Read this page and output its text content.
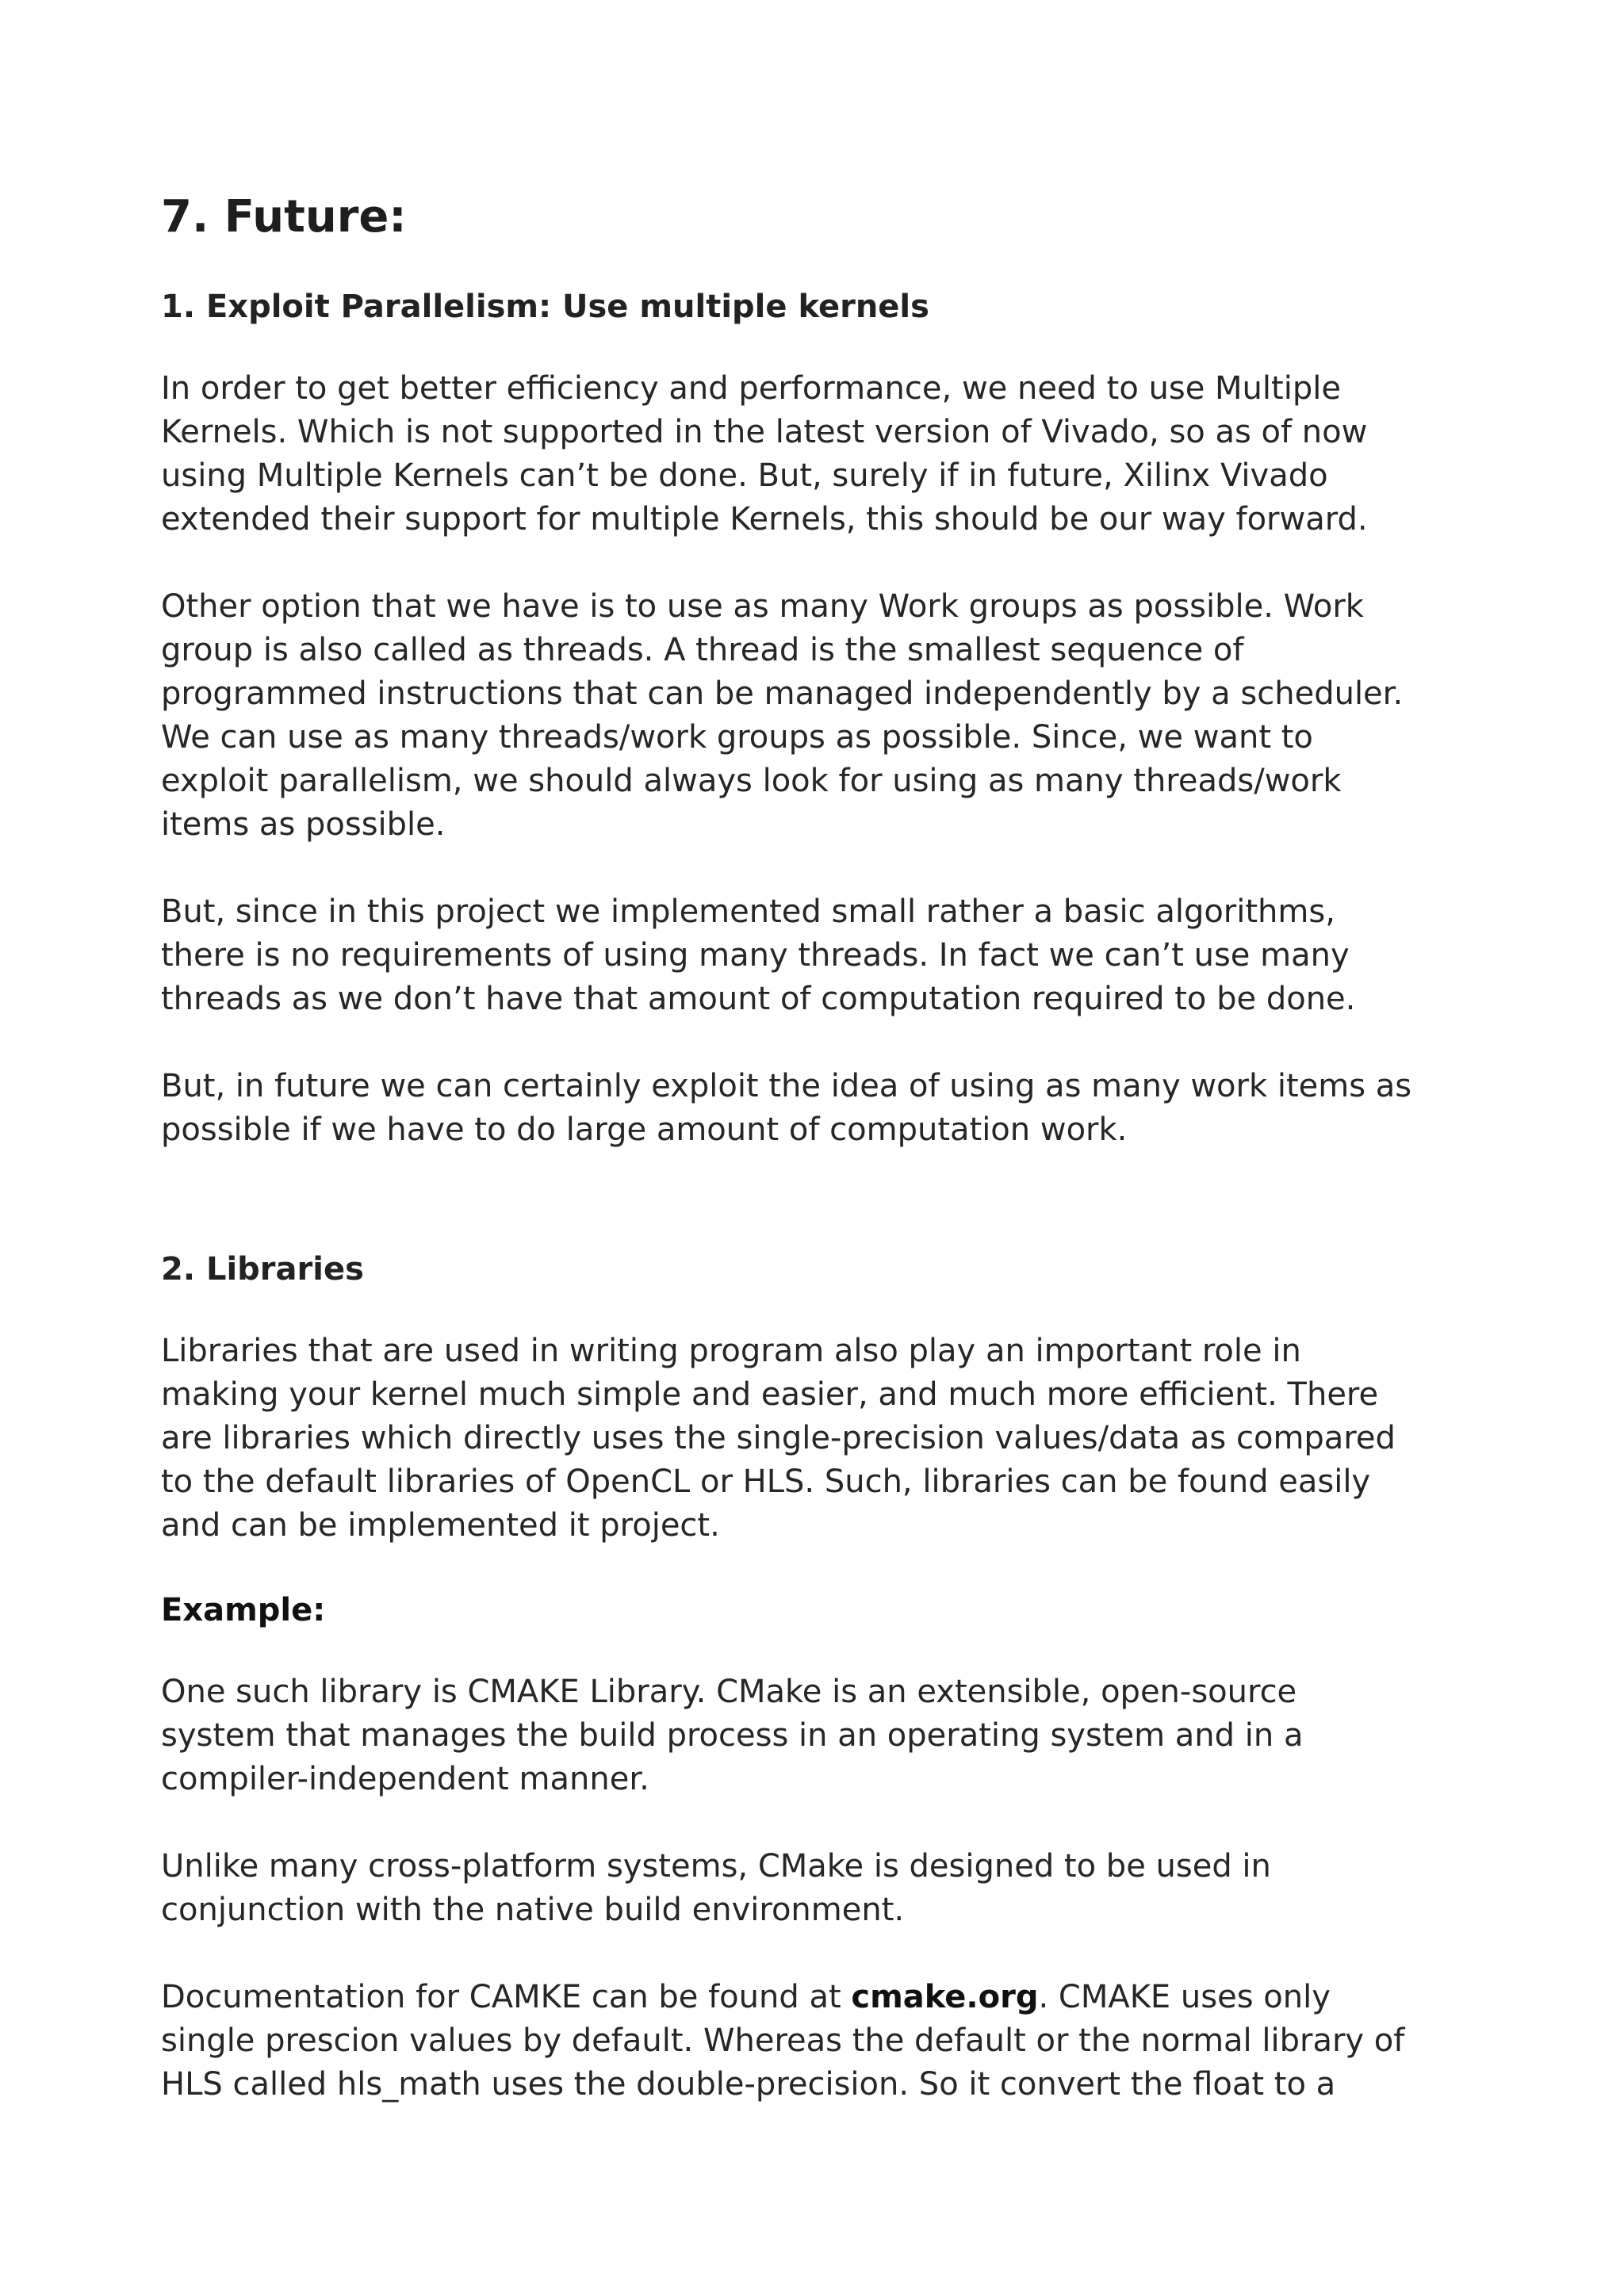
7. Future:
1. Exploit Parallelism: Use multiple kernels
In order to get better efficiency and performance, we need to use Multiple
Kernels. Which is not supported in the latest version of Vivado, so as of now
using Multiple Kernels can’t be done. But, surely if in future, Xilinx Vivado
extended their support for multiple Kernels, this should be our way forward.
Other option that we have is to use as many Work groups as possible. Work
group is also called as threads. A thread is the smallest sequence of
programmed instructions that can be managed independently by a scheduler.
We can use as many threads/work groups as possible. Since, we want to
exploit parallelism, we should always look for using as many threads/work
items as possible.
But, since in this project we implemented small rather a basic algorithms,
there is no requirements of using many threads. In fact we can’t use many
threads as we don’t have that amount of computation required to be done.
But, in future we can certainly exploit the idea of using as many work items as
possible if we have to do large amount of computation work.
2. Libraries
Libraries that are used in writing program also play an important role in
making your kernel much simple and easier, and much more efficient. There
are libraries which directly uses the single-precision values/data as compared
to the default libraries of OpenCL or HLS. Such, libraries can be found easily
and can be implemented it project.
Example:
One such library is CMAKE Library. CMake is an extensible, open-source
system that manages the build process in an operating system and in a
compiler-independent manner.
Unlike many cross-platform systems, CMake is designed to be used in
conjunction with the native build environment.
Documentation for CAMKE can be found at cmake.org. CMAKE uses only
single prescion values by default. Whereas the default or the normal library of
HLS called hls_math uses the double-precision. So it convert the float to a
